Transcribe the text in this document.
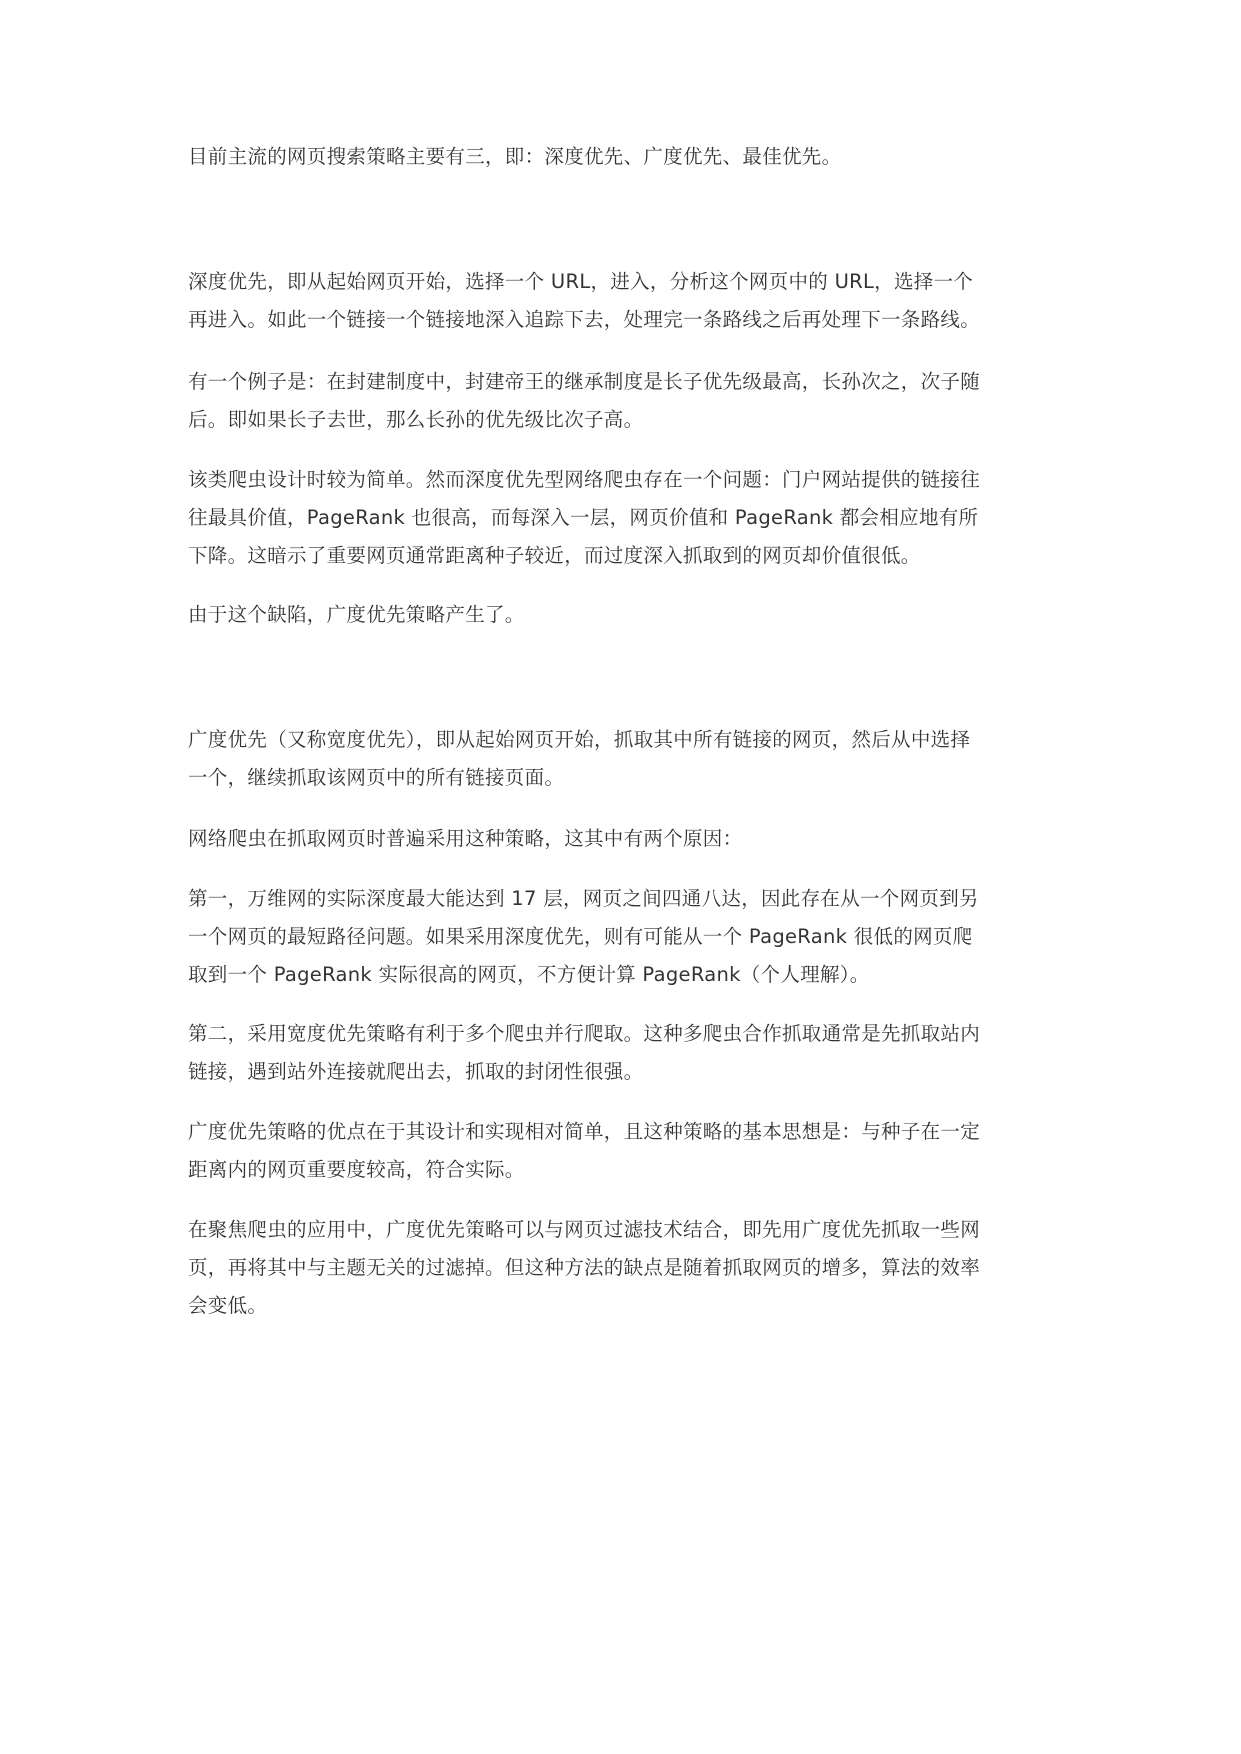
目前主流的网页搜索策略主要有三，即：深度优先、广度优先、最佳优先。

深度优先，即从起始网页开始，选择一个 URL，进入，分析这个网页中的 URL，选择一个
再进入。如此一个链接一个链接地深入追踪下去，处理完一条路线之后再处理下一条路线。

有一个例子是：在封建制度中，封建帝王的继承制度是长子优先级最高，长孙次之，次子随
后。即如果长子去世，那么长孙的优先级比次子高。

该类爬虫设计时较为简单。然而深度优先型网络爬虫存在一个问题：门户网站提供的链接往
往最具价值，PageRank 也很高，而每深入一层，网页价值和 PageRank 都会相应地有所
下降。这暗示了重要网页通常距离种子较近，而过度深入抓取到的网页却价值很低。

由于这个缺陷，广度优先策略产生了。

广度优先（又称宽度优先），即从起始网页开始，抓取其中所有链接的网页，然后从中选择
一个，继续抓取该网页中的所有链接页面。

网络爬虫在抓取网页时普遍采用这种策略，这其中有两个原因：

第一，万维网的实际深度最大能达到 17 层，网页之间四通八达，因此存在从一个网页到另
一个网页的最短路径问题。如果采用深度优先，则有可能从一个 PageRank 很低的网页爬
取到一个 PageRank 实际很高的网页，不方便计算 PageRank（个人理解）。

第二，采用宽度优先策略有利于多个爬虫并行爬取。这种多爬虫合作抓取通常是先抓取站内
链接，遇到站外连接就爬出去，抓取的封闭性很强。

广度优先策略的优点在于其设计和实现相对简单，且这种策略的基本思想是：与种子在一定
距离内的网页重要度较高，符合实际。

在聚焦爬虫的应用中，广度优先策略可以与网页过滤技术结合，即先用广度优先抓取一些网
页，再将其中与主题无关的过滤掉。但这种方法的缺点是随着抓取网页的增多，算法的效率
会变低。
